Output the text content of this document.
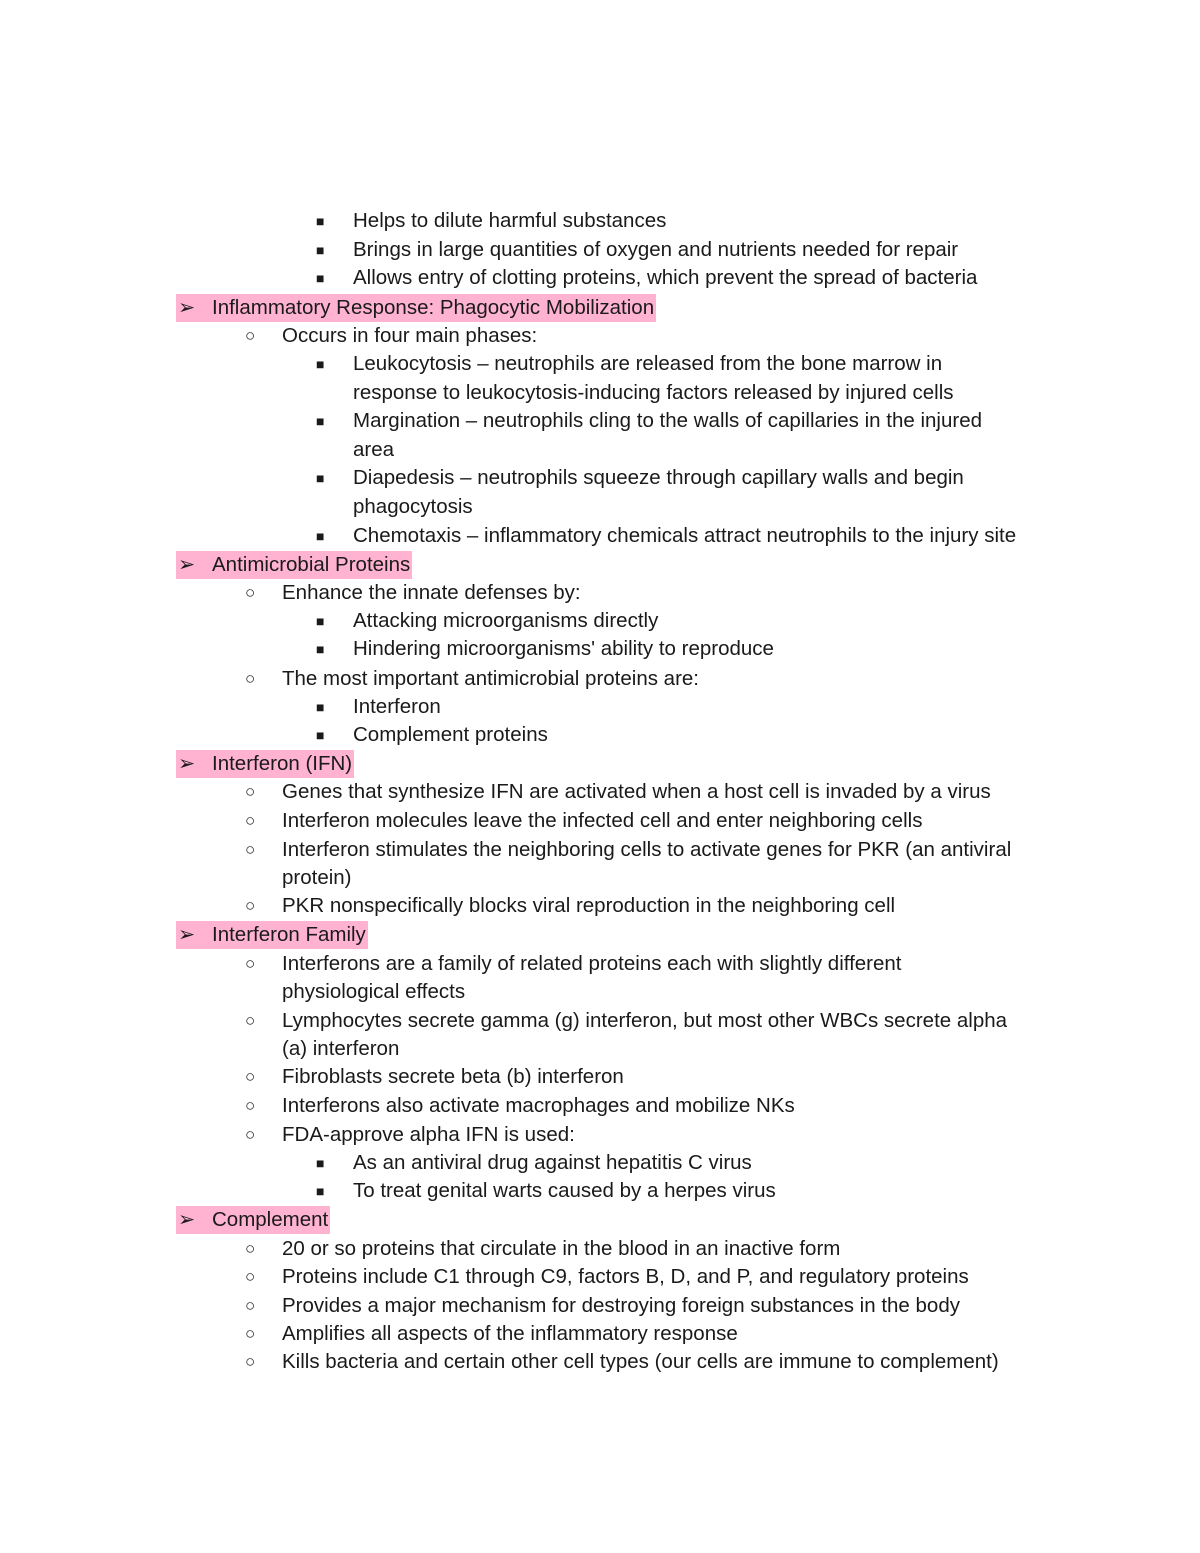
■	Helps to dilute harmful substances
■	Brings in large quantities of oxygen and nutrients needed for repair
■	Allows entry of clotting proteins, which prevent the spread of bacteria
➢ Inflammatory Response: Phagocytic Mobilization
○	Occurs in four main phases:
■	Leukocytosis – neutrophils are released from the bone marrow in
response to leukocytosis-inducing factors released by injured cells
■	Margination – neutrophils cling to the walls of capillaries in the injured
area
■	Diapedesis – neutrophils squeeze through capillary walls and begin
phagocytosis
■	Chemotaxis – inflammatory chemicals attract neutrophils to the injury site
➢ Antimicrobial Proteins
○	Enhance the innate defenses by:
■	Attacking microorganisms directly
■	Hindering microorganisms' ability to reproduce
○	The most important antimicrobial proteins are:
■	Interferon
■	Complement proteins
➢ Interferon (IFN)
○	Genes that synthesize IFN are activated when a host cell is invaded by a virus
○	Interferon molecules leave the infected cell and enter neighboring cells
○	Interferon stimulates the neighboring cells to activate genes for PKR (an antiviral
protein)
○	PKR nonspecifically blocks viral reproduction in the neighboring cell
➢ Interferon Family
○	Interferons are a family of related proteins each with slightly different
physiological effects
○	Lymphocytes secrete gamma (g) interferon, but most other WBCs secrete alpha
(a) interferon
○	Fibroblasts secrete beta (b) interferon
○	Interferons also activate macrophages and mobilize NKs
○	FDA-approve alpha IFN is used:
■	As an antiviral drug against hepatitis C virus
■	To treat genital warts caused by a herpes virus
➢ Complement
○	20 or so proteins that circulate in the blood in an inactive form
○	Proteins include C1 through C9, factors B, D, and P, and regulatory proteins
○	Provides a major mechanism for destroying foreign substances in the body
○	Amplifies all aspects of the inflammatory response
○	Kills bacteria and certain other cell types (our cells are immune to complement)
